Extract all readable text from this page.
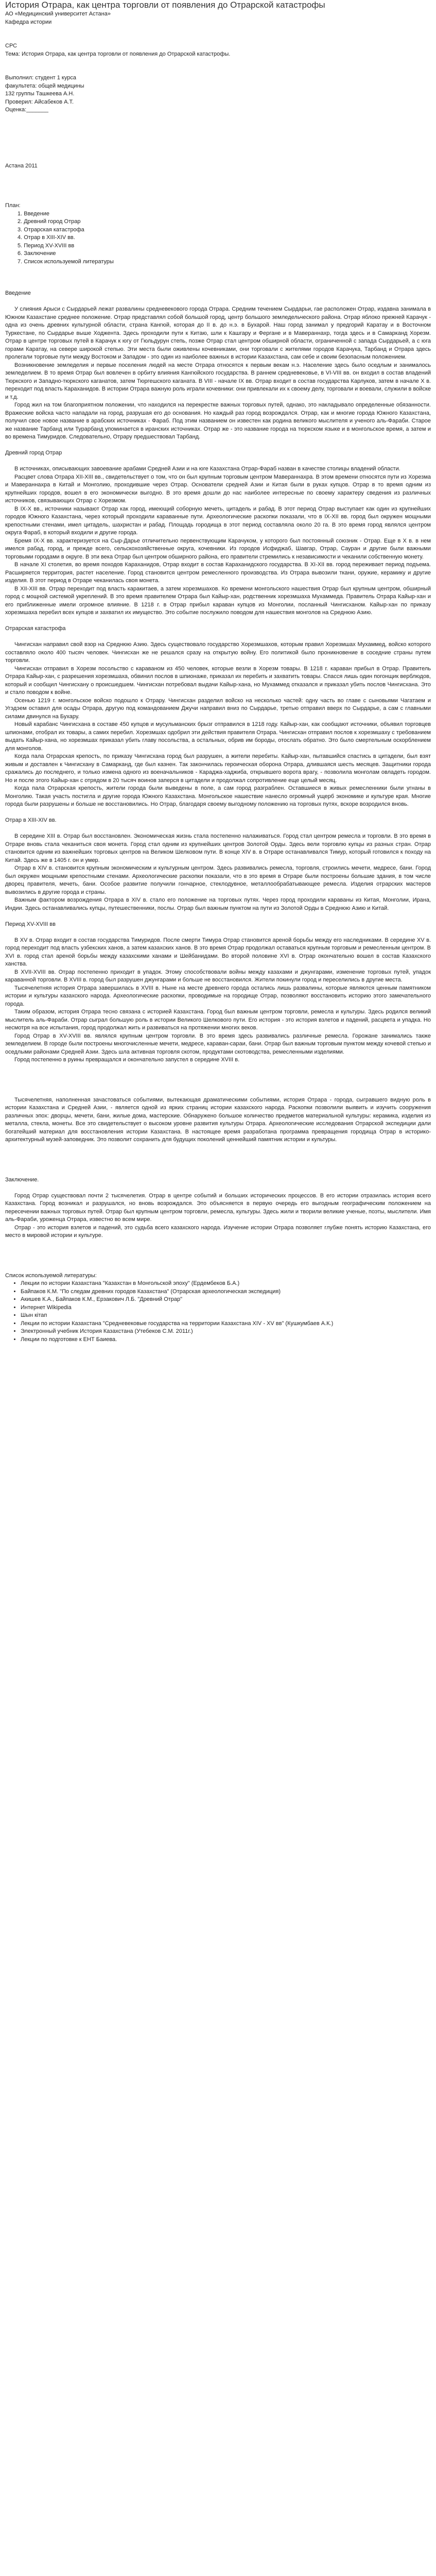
История Отрара, как центра торговли от появления до Отрарской катастрофы

АО «Медицинский университет Астана»

Кафедра истории

СРС

Тема: История Отрара, как центра торговли от появления до Отрарской катастрофы.

Выполнил: студент 1 курса

факультета: общей медицины

132 группы Ташкеева А.Н.

Проверил: Айсабеков А.Т.

Оценка:_______

Астана 2011

План:

1. Введение
2. Древний город Отрар
3. Отрарская катастрофа
4. Отрар в XIII-XIV вв.
5. Период XV-XVIII вв
6. Заключение
7. Список используемой литературы

Введение

У слияния Арыси с Сырдарьей лежат развалины средневекового города Отрара. Средним течением Сырдарьи, гае расположен Отрар, издавна занимала в Южном Казахстане среднее положение. Отрар представлял собой большой город, центр большого земледельческого района. Отрар яблоко прежней Карачук - одна из очень древних культурной области, страна Кангюй, которая до II в. до н.э. в Бухарой. Наш город занимал у предгорий Каратау и в Восточном Туркестане, по Сырдарье выше Ходжента. Здесь проходили пути к Китаю, шли к Кашгару и Фергане и в Мавераннахр, тогда здесь и в Самарканд Хорезм. Отрар в центре торговых путей в Карачук к югу от Гюльдурун степь, позже Отрар стал центром обширной области, ограниченной с запада Сырдарьей, а с юга горами Каратау, на севере широкой степью. Эти места были оживлены кочевниками, они торговали с жителями городов Карачука, Тарбанд и Отрара здесь пролегали торговые пути между Востоком и Западом - это один из наиболее важных в истории Казахстана, сам себе и своим безопасным положением.

Возникновение земледелия и первые поселения людей на месте Отрара относятся к первым векам н.э. Население здесь было оседлым и занималось земледелием. В то время Отрар был вовлечен в орбиту влияния Кангюйского государства. В раннем средневековье, в VI-VIII вв. он входил в состав владений Тюркского и Западно-тюркского каганатов, затем Тюргешского каганата. В VIII - начале IX вв. Отрар входит в состав государства Карлуков, затем в начале X в. переходит под власть Караханидов. В истории Отрара важную роль играли кочевники: они привлекали их к своему делу, торговали и воевали, служили в войске и т.д.

Город жил на том благоприятном положении, что находился на перекрестке важных торговых путей, однако, это накладывало определенные обязанности. Вражеские войска часто нападали на город, разрушая его до основания. Но каждый раз город возрождался. Отрар, как и многие города Южного Казахстана, получил свое новое название в арабских источниках - Фараб. Под этим названием он известен как родина великого мыслителя и ученого аль-Фараби. Старое же название Тарбанд или Турарбанд упоминается в иранских источниках. Отрар же - это название города на тюркском языке и в монгольское время, а затем и во времена Тимуридов. Следовательно, Отрару предшествовал Тарбанд.

Древний город Отрар

В источниках, описывающих завоевание арабами Средней Азии и на юге Казахстана Отрар-Фараб назван в качестве столицы владений области.

Расцвет слова Отрара XII-XIII вв., свидетельствует о том, что он был крупным торговым центром Мавераннахра. В этом времени относятся пути из Хорезма и Мавераннахра в Китай и Монголию, проходившие через Отрар. Основатели средней Азии и Китая были в руках купцов. Отрар в то время одним из крупнейших городов, вошел в его экономически выгодно. В это время дошли до нас наиболее интересные по своему характеру сведения из различных источников, связывающих Отрар с Хорезмом.

В IX-X вв., источники называют Отрар как город, имеющий соборную мечеть, цитадель и рабад. В этот период Отрар выступает как один из крупнейших городов Южного Казахстана, через который проходили караванные пути. Археологические раскопки показали, что в IX-XII вв. город был окружен мощными крепостными стенами, имел цитадель, шахристан и рабад. Площадь городища в этот период составляла около 20 га. В это время город являлся центром округа Фараб, в который входили и другие города.

Бремя IX-X вв. характеризуется на Сыр-Дарье отличительно первенствующим Карачуком, у которого был постоянный союзник - Отрар. Еще в X в. в нем имелся рабад, город, и прежде всего, сельскохозяйственные округа, кочевники. Из городов Исфиджаб, Шавгар, Отрар, Сауран и другие были важными торговыми городами в округе. В эти века Отрар был центром обширного района, его правители стремились к независимости и чеканили собственную монету.

В начале XI столетия, во время походов Караханидов, Отрар входит в состав Караханидского государства. В XI-XII вв. город переживает период подъема. Расширяется территория, растет население. Город становится центром ремесленного производства. Из Отрара вывозили ткани, оружие, керамику и другие изделия. В этот период в Отраре чеканилась своя монета.

В XII-XIII вв. Отрар переходит под власть каракитаев, а затем хорезмшахов. Ко времени монгольского нашествия Отрар был крупным центром, обширный город с мощной системой укреплений. В это время правителем Отрара был Кайыр-хан, родственник хорезмшаха Мухаммеда. Правитель Отрара Кайыр-хан и его приближенные имели огромное влияние. В 1218 г. в Отрар прибыл караван купцов из Монголии, посланный Чингисханом. Кайыр-хан по приказу хорезмшаха перебил всех купцов и захватил их имущество. Это событие послужило поводом для нашествия монголов на Среднюю Азию.

Отрарская катастрофа

Чингисхан направил свой взор на Среднюю Азию. Здесь существовало государство Хорезмшахов, которым правил Хорезмшах Мухаммед, войско которого составляло около 400 тысяч человек. Чингисхан же не решался сразу на открытую войну. Его политикой было проникновение в соседние страны путем торговли.

Чингисхан отправил в Хорезм посольство с караваном из 450 человек, которые везли в Хорезм товары. В 1218 г. караван прибыл в Отрар. Правитель Отрара Кайыр-хан, с разрешения хорезмшаха, обвинил послов в шпионаже, приказал их перебить и захватить товары. Спасся лишь один погонщик верблюдов, который и сообщил Чингисхану о происшедшем. Чингисхан потребовал выдачи Кайыр-хана, но Мухаммед отказался и приказал убить послов Чингисхана. Это и стало поводом к войне.

Осенью 1219 г. монгольское войско подошло к Отрару. Чингисхан разделил войско на несколько частей: одну часть во главе с сыновьями Чагатаем и Угэдэем оставил для осады Отрара, другую под командованием Джучи направил вниз по Сырдарье, третью отправил вверх по Сырдарье, а сам с главными силами двинулся на Бухару.

Новый карабанс Чингисхана в составе 450 купцов и мусульманских брызг отправился в 1218 году. Кайыр-хан, как сообщают источники, объявил торговцев шпионами, отобрал их товары, а самих перебил. Хорезмшах одобрил эти действия правителя Отрара. Чингисхан отправил послов к хорезмшаху с требованием выдать Кайыр-хана, но хорезмшах приказал убить главу посольства, а остальных, обрив им бороды, отослать обратно. Это было смертельным оскорблением для монголов.

Когда пала Отрарская крепость, по приказу Чингисхана город был разрушен, а жители перебиты. Кайыр-хан, пытавшийся спастись в цитадели, был взят живым и доставлен к Чингисхану в Самарканд, где был казнен. Так закончилась героическая оборона Отрара, длившаяся шесть месяцев. Защитники города сражались до последнего, и только измена одного из военачальников - Караджа-хаджиба, открывшего ворота врагу, - позволила монголам овладеть городом. Но и после этого Кайыр-хан с отрядом в 20 тысяч воинов заперся в цитадели и продолжал сопротивление еще целый месяц.

Когда пала Отрарская крепость, жители города были выведены в поле, а сам город разграблен. Оставшиеся в живых ремесленники были угнаны в Монголию. Такая участь постигла и другие города Южного Казахстана. Монгольское нашествие нанесло огромный ущерб экономике и культуре края. Многие города были разрушены и больше не восстановились. Но Отрар, благодаря своему выгодному положению на торговых путях, вскоре возродился вновь.

Отрар в XIII-XIV вв.

В середине XIII в. Отрар был восстановлен. Экономическая жизнь стала постепенно налаживаться. Город стал центром ремесла и торговли. В это время в Отраре вновь стала чеканиться своя монета. Город стал одним из крупнейших центров Золотой Орды. Здесь вели торговлю купцы из разных стран. Отрар становится одним из важнейших торговых центров на Великом Шелковом пути. В конце XIV в. в Отраре останавливался Тимур, который готовился к походу на Китай. Здесь же в 1405 г. он и умер.

Отрар в XIV в. становится крупным экономическим и культурным центром. Здесь развивались ремесла, торговля, строились мечети, медресе, бани. Город был окружен мощными крепостными стенами. Археологические раскопки показали, что в это время в Отраре были построены большие здания, в том числе дворец правителя, мечеть, бани. Особое развитие получили гончарное, стеклодувное, металлообрабатывающее ремесла. Изделия отрарских мастеров вывозились в другие города и страны.

Важным фактором возрождения Отрара в XIV в. стало его положение на торговых путях. Через город проходили караваны из Китая, Монголии, Ирана, Индии. Здесь останавливались купцы, путешественники, послы. Отрар был важным пунктом на пути из Золотой Орды в Среднюю Азию и Китай.

Период XV-XVIII вв

В XV в. Отрар входит в состав государства Тимуридов. После смерти Тимура Отрар становится ареной борьбы между его наследниками. В середине XV в. город переходит под власть узбекских ханов, а затем казахских ханов. В это время Отрар продолжал оставаться крупным торговым и ремесленным центром. В XVI в. город стал ареной борьбы между казахскими ханами и Шейбанидами. Во второй половине XVI в. Отрар окончательно вошел в состав Казахского ханства.

В XVII-XVIII вв. Отрар постепенно приходит в упадок. Этому способствовали войны между казахами и джунгарами, изменение торговых путей, упадок караванной торговли. В XVIII в. город был разрушен джунгарами и больше не восстановился. Жители покинули город и переселились в другие места.

Тысячелетняя история Отрара завершилась в XVIII в. Ныне на месте древнего города остались лишь развалины, которые являются ценным памятником истории и культуры казахского народа. Археологические раскопки, проводимые на городище Отрар, позволяют восстановить историю этого замечательного города.

Таким образом, история Отрара тесно связана с историей Казахстана. Город был важным центром торговли, ремесла и культуры. Здесь родился великий мыслитель аль-Фараби. Отрар сыграл большую роль в истории Великого Шелкового пути. Его история - это история взлетов и падений, расцвета и упадка. Но несмотря на все испытания, город продолжал жить и развиваться на протяжении многих веков.

Город Отрар в XV-XVIII вв. являлся крупным центром торговли. В это время здесь развивались различные ремесла. Горожане занимались также земледелием. В городе были построены многочисленные мечети, медресе, караван-сараи, бани. Отрар был важным торговым пунктом между кочевой степью и оседлыми районами Средней Азии. Здесь шла активная торговля скотом, продуктами скотоводства, ремесленными изделиями.

Город постепенно в руины превращался и окончательно запустел в середине XVIII в.

Тысячелетняя, наполненная зачастоваться событиями, вытекающая драматическими событиями, история Отрара - города, сыгравшего видную роль в истории Казахстана и Средней Азии, - является одной из ярких страниц истории казахского народа. Раскопки позволили выявить и изучить сооружения различных эпох: дворцы, мечети, бани, жилые дома, мастерские. Обнаружено большое количество предметов материальной культуры: керамика, изделия из металла, стекла, монеты. Все это свидетельствует о высоком уровне развития культуры Отрара. Археологические исследования Отрарской экспедиции дали богатейший материал для восстановления истории Казахстана. В настоящее время разработана программа превращения городища Отрар в историко-архитектурный музей-заповедник. Это позволит сохранить для будущих поколений ценнейший памятник истории и культуры.

Заключение.

Город Отрар существовал почти 2 тысячелетия. Отрар в центре событий и больших исторических процессов. В его истории отразилась история всего Казахстана. Город возникал и разрушался, но вновь возрождался. Это объясняется в первую очередь его выгодным географическим положением на пересечении важных торговых путей. Отрар был крупным центром торговли, ремесла, культуры. Здесь жили и творили великие ученые, поэты, мыслители. Имя аль-Фараби, уроженца Отрара, известно во всем мире.

Отрар - это история взлетов и падений, это судьба всего казахского народа. Изучение истории Отрара позволяет глубже понять историю Казахстана, его место в мировой истории и культуре.

Список используемой литературы:

• Лекции по истории Казахстана "Казахстан в Монгольской эпоху" (Ердембеков Б.А.)
• Байпаков К.М. "По следам древних городов Казахстана" (Отрарская археологическая экспедиция)
• Акишев К.А., Байпаков К.М., Ерзакович Л.Б. "Древний Отрар"
• Интернет Wikipedia
• Шын кітап
• Лекции по истории Казахстана "Средневековые государства на территории Казахстана XIV - XV вв" (Кушкумбаев А.К.)
• Электронный учебник История Казахстана (Утебеков С.М. 2011г.)
• Лекции по подготовке к ЕНТ Баиева.
